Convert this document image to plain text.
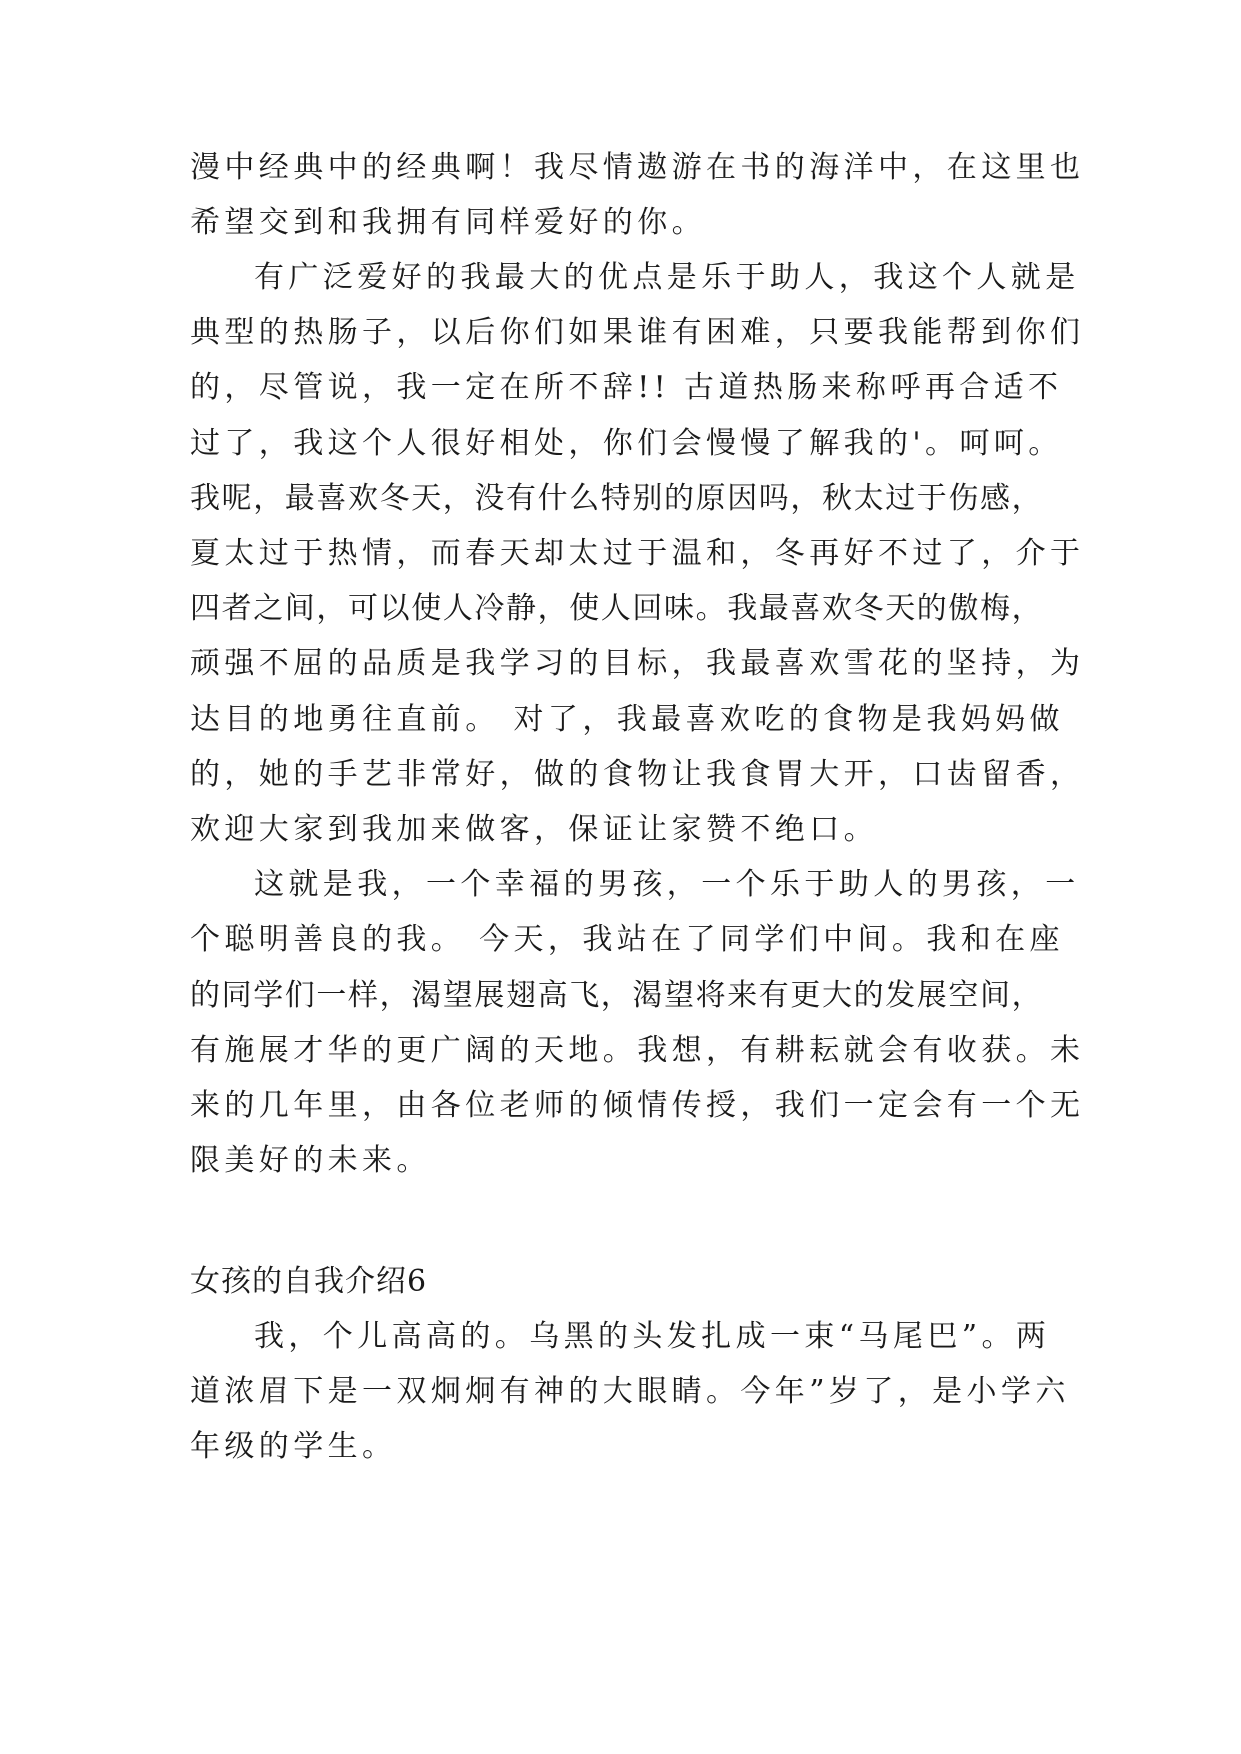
漫中经典中的经典啊！我尽情遨游在书的海洋中，在这里也
希望交到和我拥有同样爱好的你。
有广泛爱好的我最大的优点是乐于助人，我这个人就是
典型的热肠子，以后你们如果谁有困难，只要我能帮到你们
的，尽管说，我一定在所不辞!! 古道热肠来称呼再合适不
过了，我这个人很好相处，你们会慢慢了解我的'。呵呵。
我呢，最喜欢冬天，没有什么特别的原因吗，秋太过于伤感，
夏太过于热情，而春天却太过于温和，冬再好不过了，介于
四者之间，可以使人冷静，使人回味。我最喜欢冬天的傲梅，
顽强不屈的品质是我学习的目标，我最喜欢雪花的坚持，为
达目的地勇往直前。 对了，我最喜欢吃的食物是我妈妈做
的，她的手艺非常好，做的食物让我食胃大开，口齿留香，
欢迎大家到我加来做客，保证让家赞不绝口。
这就是我，一个幸福的男孩，一个乐于助人的男孩，一
个聪明善良的我。 今天，我站在了同学们中间。我和在座
的同学们一样，渴望展翅高飞，渴望将来有更大的发展空间，
有施展才华的更广阔的天地。我想，有耕耘就会有收获。未
来的几年里，由各位老师的倾情传授，我们一定会有一个无
限美好的未来。
女孩的自我介绍6
我，个儿高高的。乌黑的头发扎成一束“马尾巴”。两
道浓眉下是一双炯炯有神的大眼睛。今年”岁了，是小学六
年级的学生。
